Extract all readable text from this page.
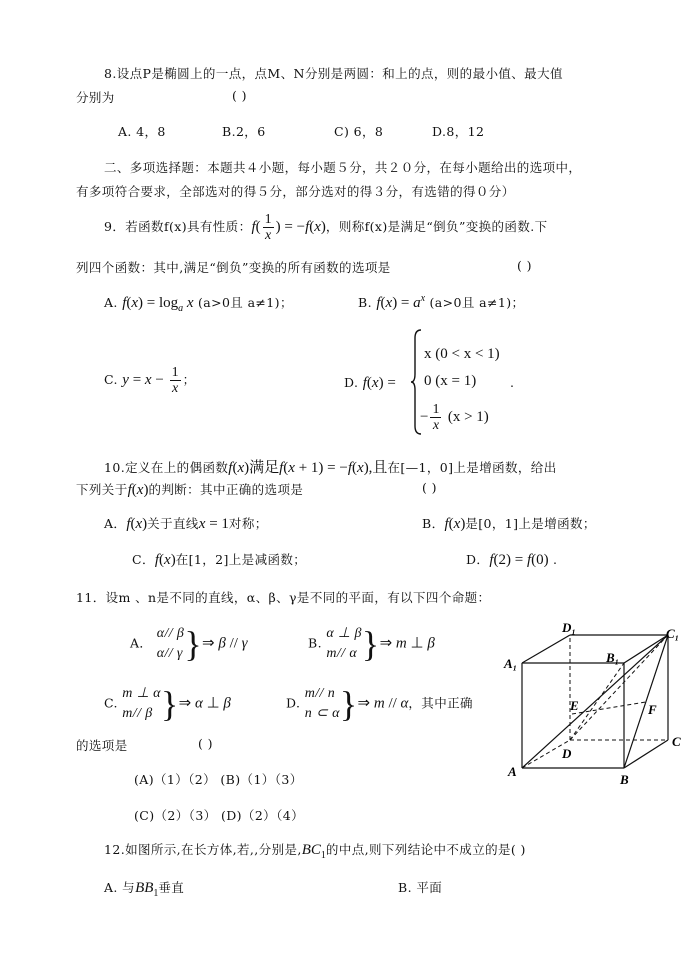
8.设点P是椭圆上的一点，点M、N分别是两圆：和上的点，则的最小值、最大值
分别为	( )
A. 4，8	B.2，6	C) 6，8	D.8，12
二、多项选择题：本题共４小题，每小题５分，共２０分，在每小题给出的选项中，
有多项符合要求，全部选对的得５分，部分选对的得３分，有选错的得０分）
9．若函数f(x)具有性质：$f( \frac{1}{x}$ ) = −f(x)，则称f(x)是满足“倒负”变换的函数.下
列四个函数：其中,满足“倒负”变换的所有函数的选项是	( )
A. $f(x) = \log_a x$ (a>0且 a≠1)；	B. $f(x) = a^x$ (a>0且 a≠1)；
C. $y = x - \frac{1}{x}$ ；	D. f(x) =
x (0 < x < 1)
0 (x = 1)
− $\frac{1}{x} (x > 1)$
.
10.定义在上的偶函数f(x)满足f(x + 1) = −f(x),且在[—1，0]上是增函数，给出
下列关于f(x)的判断：其中正确的选项是	( )
A．f(x)关于直线x = 1对称；	B．f(x)是[0，1]上是增函数；
C．f(x)在[1，2]上是减函数；	D．f(2) = f(0) .
11．设m 、n是不同的直线，α、β、γ是不同的平面，有以下四个命题：
A．
α// β
α// γ }⇒ β // γ	B.
α ⊥ β
m// α }⇒ m ⊥ β
C.
m ⊥ α
m// β }⇒ α ⊥ β	D.
m// n
n ⊂ α }⇒ m // α，其中正确
的选项是	( )
(A)（1）（2） (B)（1）（3）
(C)（2）（3） (D)（2）（4）
D₁	C₁
A₁	B₁
E	F
D
C
A
B
12.如图所示,在长方体,若,,分别是$,BC_1$的中点,则下列结论中不成立的是( )
A. 与$BB_1$垂直	B. 平面
